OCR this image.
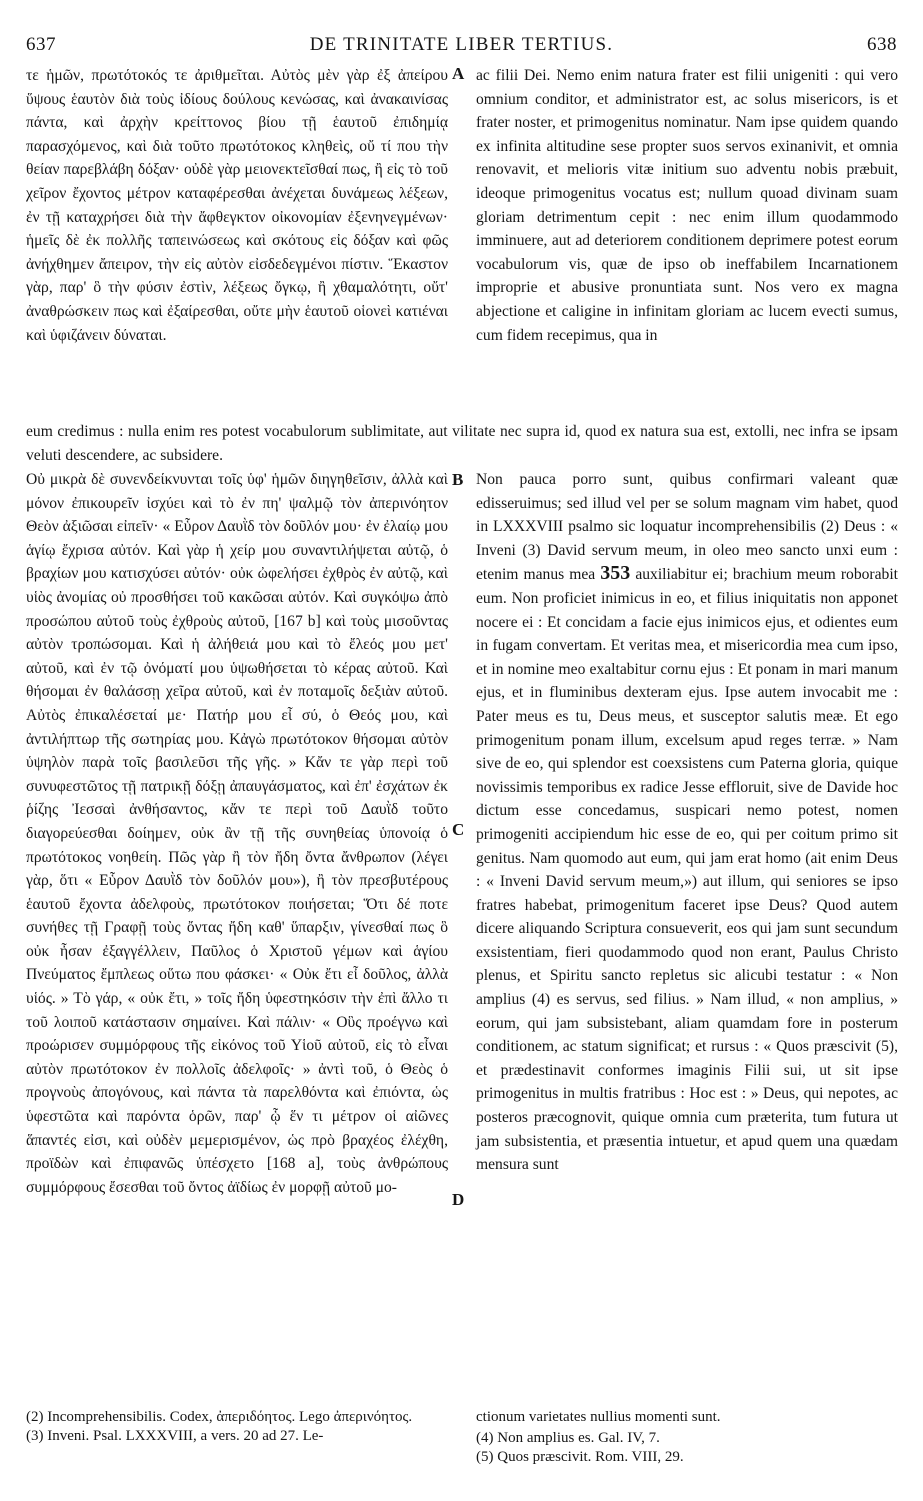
637	DE TRINITATE LIBER TERTIUS.	638
A
B
C
D

τε ἡμῶν, πρωτότοκός τε ἀριθμεῖται. Αὐτὸς μὲν γὰρ ἐξ ἀπείρου ὕψους ἑαυτὸν διὰ τοὺς ἰδίους δούλους κενώσας, καὶ ἀνακαινίσας πάντα, καὶ ἀρχὴν κρείττονος βίου τῇ ἑαυτοῦ ἐπιδημίᾳ παρασχόμενος, καὶ διὰ τοῦτο πρωτότοκος κληθεὶς, οὔ τί που τὴν θείαν παρεβλάβη δόξαν· οὐδὲ γὰρ μειονεκτεῖσθαί πως, ἢ εἰς τὸ τοῦ χεῖρον ἔχοντος μέτρον καταφέρεσθαι ἀνέχεται δυνάμεως λέξεων, ἐν τῇ καταχρήσει διὰ τὴν ἄφθεγκτον οἰκονομίαν ἐξενηνεγμένων· ἡμεῖς δὲ ἐκ πολλῆς ταπεινώσεως καὶ σκότους εἰς δόξαν καὶ φῶς ἀνήχθημεν ἄπειρον, τὴν εἰς αὐτὸν εἰσδεδεγμένοι πίστιν. Ἕκαστον γὰρ, παρ' ὃ τὴν φύσιν ἐστὶν, λέξεως ὄγκῳ, ἢ χθαμαλότητι, οὔτ' ἀναθρώσκειν πως καὶ ἐξαίρεσθαι, οὔτε μὴν ἑαυτοῦ οἱονεὶ κατιέναι καὶ ὑφιζάνειν δύναται.

ac filii Dei. Nemo enim natura frater est filii unigeniti : qui vero omnium conditor, et administrator est, ac solus misericors, is et frater noster, et primogenitus nominatur. Nam ipse quidem quando ex infinita altitudine sese propter suos servos exinanivit, et omnia renovavit, et melioris vitæ initium suo adventu nobis præbuit, ideoque primogenitus vocatus est; nullum quoad divinam suam gloriam detrimentum cepit : nec enim illum quodammodo imminuere, aut ad deteriorem conditionem deprimere potest eorum vocabulorum vis, quæ de ipso ob ineffabilem Incarnationem improprie et abusive pronuntiata sunt. Nos vero ex magna abjectione et caligine in infinitam gloriam ac lucem evecti sumus, cum fidem recepimus, qua in

eum credimus : nulla enim res potest vocabulorum sublimitate, aut vilitate nec supra id, quod ex natura sua est, extolli, nec infra se ipsam veluti descendere, ac subsidere.

Οὐ μικρὰ δὲ συνενδείκνυνται τοῖς ὑφ' ἡμῶν διηγηθεῖσιν, ἀλλὰ καὶ μόνον ἐπικουρεῖν ἰσχύει καὶ τὸ ἐν πη' ψαλμῷ τὸν ἀπερινόητον Θεὸν ἀξιῶσαι εἰπεῖν· « Εὗρον Δαυῒδ τὸν δοῦλόν μου· ἐν ἐλαίῳ μου ἁγίῳ ἔχρισα αὐτόν. Καὶ γὰρ ἡ χείρ μου συναντιλήψεται αὐτῷ, ὁ βραχίων μου κατισχύσει αὐτόν· οὐκ ὠφελήσει ἐχθρὸς ἐν αὐτῷ, καὶ υἱὸς ἀνομίας οὐ προσθήσει τοῦ κακῶσαι αὐτόν. Καὶ συγκόψω ἀπὸ προσώπου αὐτοῦ τοὺς ἐχθροὺς αὐτοῦ, [167 b] καὶ τοὺς μισοῦντας αὐτὸν τροπώσομαι. Καὶ ἡ ἀλήθειά μου καὶ τὸ ἔλεός μου μετ' αὐτοῦ, καὶ ἐν τῷ ὀνόματί μου ὑψωθήσεται τὸ κέρας αὐτοῦ. Καὶ θήσομαι ἐν θαλάσσῃ χεῖρα αὐτοῦ, καὶ ἐν ποταμοῖς δεξιὰν αὐτοῦ. Αὐτὸς ἐπικαλέσεταί με· Πατήρ μου εἶ σύ, ὁ Θεός μου, καὶ ἀντιλήπτωρ τῆς σωτηρίας μου. Κἀγὼ πρωτότοκον θήσομαι αὐτὸν ὑψηλὸν παρὰ τοῖς βασιλεῦσι τῆς γῆς. » Κἄν τε γὰρ περὶ τοῦ συνυφεστῶτος τῇ πατρικῇ δόξῃ ἀπαυγάσματος, καὶ ἐπ' ἐσχάτων ἐκ ῥίζης Ἰεσσαὶ ἀνθήσαντος, κἄν τε περὶ τοῦ Δαυῒδ τοῦτο διαγορεύεσθαι δοίημεν, οὐκ ἂν τῇ τῆς συνηθείας ὑπονοίᾳ ὁ πρωτότοκος νοηθείη. Πῶς γὰρ ἢ τὸν ἤδη ὄντα ἄνθρωπον (λέγει γὰρ, ὅτι « Εὗρον Δαυῒδ τὸν δοῦλόν μου»), ἢ τὸν πρεσβυτέρους ἑαυτοῦ ἔχοντα ἀδελφοὺς, πρωτότοκον ποιήσεται; Ὅτι δέ ποτε συνήθες τῇ Γραφῇ τοὺς ὄντας ἤδη καθ' ὕπαρξιν, γίνεσθαί πως ὃ οὐκ ἦσαν ἐξαγγέλλειν, Παῦλος ὁ Χριστοῦ γέμων καὶ ἁγίου Πνεύματος ἔμπλεως οὕτω που φάσκει· « Οὐκ ἔτι εἶ δοῦλος, ἀλλὰ υἱός. » Τὸ γάρ, « οὐκ ἔτι, » τοῖς ἤδη ὑφεστηκόσιν τὴν ἐπὶ ἄλλο τι τοῦ λοιποῦ κατάστασιν σημαίνει. Καὶ πάλιν· « Οὓς προέγνω καὶ προώρισεν συμμόρφους τῆς εἰκόνος τοῦ Υἱοῦ αὐτοῦ, εἰς τὸ εἶναι αὐτὸν πρωτότοκον ἐν πολλοῖς ἀδελφοῖς· » ἀντὶ τοῦ, ὁ Θεὸς ὁ προγνοὺς ἀπογόνους, καὶ πάντα τὰ παρελθόντα καὶ ἐπιόντα, ὡς ὑφεστῶτα καὶ παρόντα ὁρῶν, παρ' ᾧ ἕν τι μέτρον οἱ αἰῶνες ἅπαντές εἰσι, καὶ οὐδὲν μεμερισμένον, ὡς πρὸ βραχέος ἐλέχθη, προϊδὼν καὶ ἐπιφανῶς ὑπέσχετο [168 a], τοὺς ἀνθρώπους συμμόρφους ἔσεσθαι τοῦ ὄντος ἀϊδίως ἐν μορφῇ αὐτοῦ μο-

Non pauca porro sunt, quibus confirmari valeant quæ edisseruimus; sed illud vel per se solum magnam vim habet, quod in LXXXVIII psalmo sic loquatur incomprehensibilis (2) Deus : « Inveni (3) David servum meum, in oleo meo sancto unxi eum : etenim manus mea 353 auxiliabitur ei; brachium meum roborabit eum. Non proficiet inimicus in eo, et filius iniquitatis non apponet nocere ei : Et concidam a facie ejus inimicos ejus, et odientes eum in fugam convertam. Et veritas mea, et misericordia mea cum ipso, et in nomine meo exaltabitur cornu ejus : Et ponam in mari manum ejus, et in fluminibus dexteram ejus. Ipse autem invocabit me : Pater meus es tu, Deus meus, et susceptor salutis meæ. Et ego primogenitum ponam illum, excelsum apud reges terræ. » Nam sive de eo, qui splendor est coexsistens cum Paterna gloria, quique novissimis temporibus ex radice Jesse effloruit, sive de Davide hoc dictum esse concedamus, suspicari nemo potest, nomen primogeniti accipiendum hic esse de eo, qui per coitum primo sit genitus. Nam quomodo aut eum, qui jam erat homo (ait enim Deus : « Inveni David servum meum,») aut illum, qui seniores se ipso fratres habebat, primogenitum faceret ipse Deus? Quod autem dicere aliquando Scriptura consueverit, eos qui jam sunt secundum exsistentiam, fieri quodammodo quod non erant, Paulus Christo plenus, et Spiritu sancto repletus sic alicubi testatur : « Non amplius (4) es servus, sed filius. » Nam illud, « non amplius, » eorum, qui jam subsistebant, aliam quamdam fore in posterum conditionem, ac statum significat; et rursus : « Quos præscivit (5), et prædestinavit conformes imaginis Filii sui, ut sit ipse primogenitus in multis fratribus : Hoc est : » Deus, qui nepotes, ac posteros præcognovit, quique omnia cum præterita, tum futura ut jam subsistentia, et præsentia intuetur, et apud quem una quædam mensura sunt

(2) Incomprehensibilis. Codex, ἀπεριδόητος. Lego ἀπερινόητος.

(3) Inveni. Psal. LXXXVIII, a vers. 20 ad 27. Le-

ctionum varietates nullius momenti sunt.

(4) Non amplius es. Gal. IV, 7.

(5) Quos præscivit. Rom. VIII, 29.
